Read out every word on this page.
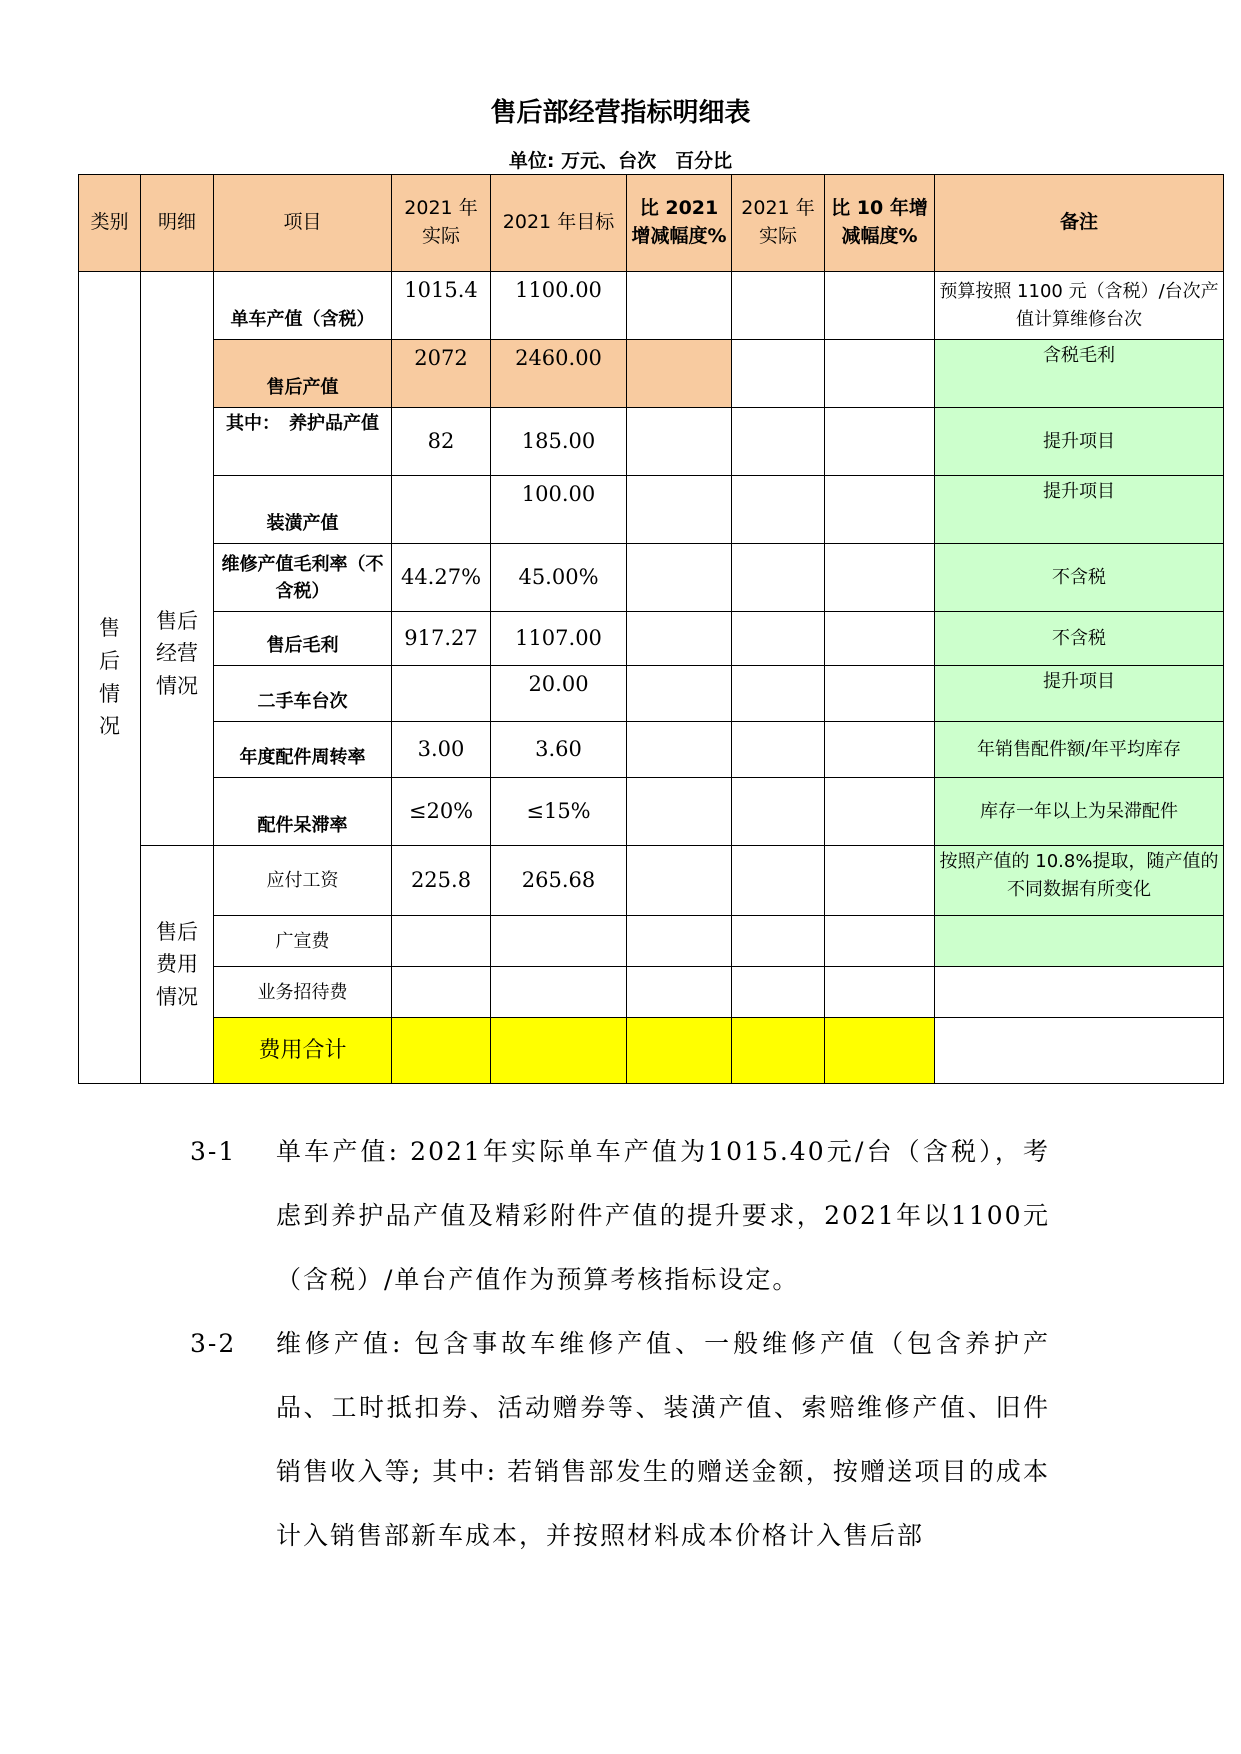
售后部经营指标明细表
单位: 万元、台次　百分比
类别	明细	项目	2021 年实际	2021 年目标	比 2021 增减幅度%	2021 年实际	比 10 年增减幅度%	备注
售后情况	售后经营情况	单车产值（含税）	1015.4	1100.00				预算按照 1100 元（含税）/台次产值计算维修台次
		售后产值	2072	2460.00				含税毛利
		其中：　养护品产值	82	185.00				提升项目
		装潢产值		100.00				提升项目
		维修产值毛利率（不含税）	44.27%	45.00%				不含税
		售后毛利	917.27	1107.00				不含税
		二手车台次		20.00				提升项目
		年度配件周转率	3.00	3.60				年销售配件额/年平均库存
		配件呆滞率	≤20%	≤15%				库存一年以上为呆滞配件
	售后费用情况	应付工资	225.8	265.68				按照产值的 10.8%提取，随产值的不同数据有所变化
		广宣费						
		业务招待费						
		费用合计						
3-1 单车产值: 2021年实际单车产值为1015.40元/台（含税），考虑到养护品产值及精彩附件产值的提升要求，2021年以1100元（含税）/单台产值作为预算考核指标设定。
3-2 维修产值: 包含事故车维修产值、一般维修产值（包含养护产品、工时抵扣券、活动赠券等、装潢产值、索赔维修产值、旧件销售收入等; 其中: 若销售部发生的赠送金额，按赠送项目的成本计入销售部新车成本，并按照材料成本价格计入售后部
